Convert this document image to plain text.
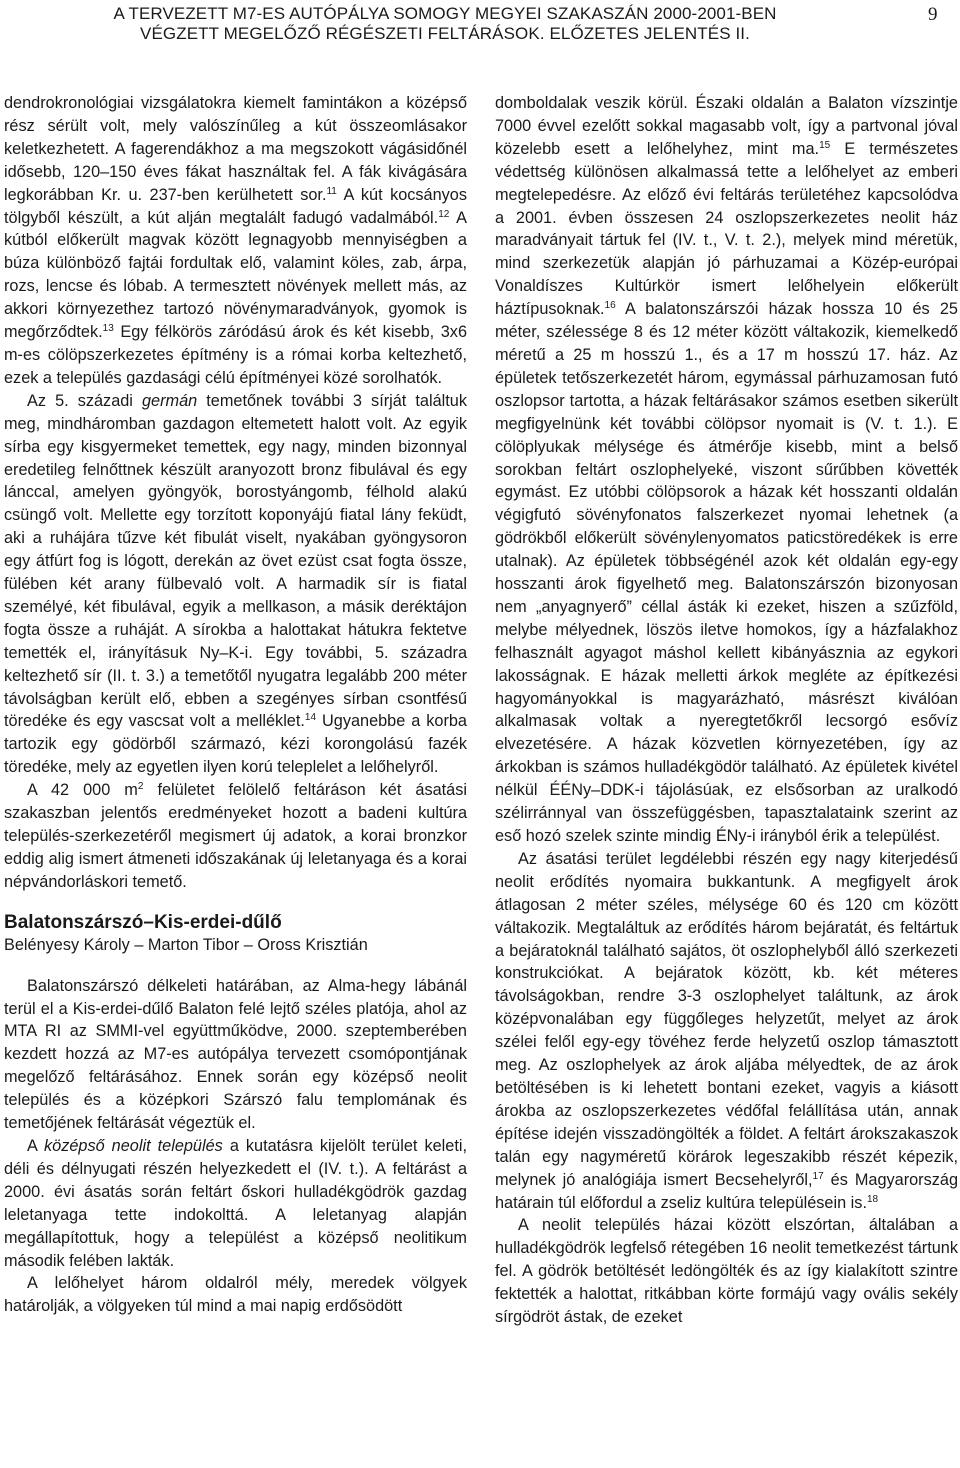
A TERVEZETT M7-ES AUTÓPÁLYA SOMOGY MEGYEI SZAKASZÁN 2000-2001-BEN
VÉGZETT MEGELŐZŐ RÉGÉSZETI FELTÁRÁSOK. ELŐZETES JELENTÉS II.
9

dendrokronológiai vizsgálatokra kiemelt famintákon a középső rész sérült volt, mely valószínűleg a kút összeomlásakor keletkezhetett. A fagerendákhoz a ma megszokott vágásidőnél idősebb, 120–150 éves fákat használtak fel. A fák kivágására legkorábban Kr. u. 237-ben kerülhetett sor.$^{11}$ A kút kocsányos tölgyből készült, a kút alján megtalált fadugó vadalmából.$^{12}$ A kútból előkerült magvak között legnagyobb mennyiségben a búza különböző fajtái fordultak elő, valamint köles, zab, árpa, rozs, lencse és lóbab. A termesztett növények mellett más, az akkori környezethez tartozó növénymaradványok, gyomok is megőrződtek.$^{13}$ Egy félkörös záródású árok és két kisebb, 3x6 m-es cölöpszerkezetes építmény is a római korba keltezhető, ezek a település gazdasági célú építményei közé sorolhatók.

Az 5. századi germán temetőnek további 3 sírját találtuk meg, mindháromban gazdagon eltemetett halott volt. Az egyik sírba egy kisgyermeket temettek, egy nagy, minden bizonnyal eredetileg felnőttnek készült aranyozott bronz fibulával és egy lánccal, amelyen gyöngyök, borostyángomb, félhold alakú csüngő volt. Mellette egy torzított koponyájú fiatal lány feküdt, aki a ruhájára tűzve két fibulát viselt, nyakában gyöngysoron egy átfúrt fog is lógott, derekán az övet ezüst csat fogta össze, fülében két arany fülbevaló volt. A harmadik sír is fiatal személyé, két fibulával, egyik a mellkason, a másik deréktájon fogta össze a ruháját. A sírokba a halottakat hátukra fektetve temették el, irányításuk Ny–K-i. Egy további, 5. századra keltezhető sír (II. t. 3.) a temetőtől nyugatra legalább 200 méter távolságban került elő, ebben a szegényes sírban csontfésű töredéke és egy vascsat volt a melléklet.$^{14}$ Ugyanebbe a korba tartozik egy gödörből származó, kézi korongolású fazék töredéke, mely az egyetlen ilyen korú teleplelet a lelőhelyről.

A 42 000 $m^2$ felületet felölelő feltáráson két ásatási szakaszban jelentős eredményeket hozott a badeni kultúra település-szerkezetéről megismert új adatok, a korai bronzkor eddig alig ismert átmeneti időszakának új leletanyaga és a korai népvándorláskori temető.

Balatonszárszó–Kis-erdei-dűlő
Belényesy Károly – Marton Tibor – Oross Krisztián

Balatonszárszó délkeleti határában, az Alma-hegy lábánál terül el a Kis-erdei-dűlő Balaton felé lejtő széles platója, ahol az MTA RI az SMMI-vel együttműködve, 2000. szeptemberében kezdett hozzá az M7-es autópálya tervezett csomópontjának megelőző feltárásához. Ennek során egy középső neolit település és a középkori Szárszó falu templomának és temetőjének feltárását végeztük el.

A középső neolit település a kutatásra kijelölt terület keleti, déli és délnyugati részén helyezkedett el (IV. t.). A feltárást a 2000. évi ásatás során feltárt őskori hulladékgödrök gazdag leletanyaga tette indokolttá. A leletanyag alapján megállapítottuk, hogy a települést a középső neolitikum második felében lakták.

A lelőhelyet három oldalról mély, meredek völgyek határolják, a völgyeken túl mind a mai napig erdősödött

domboldalak veszik körül. Északi oldalán a Balaton vízszintje 7000 évvel ezelőtt sokkal magasabb volt, így a partvonal jóval közelebb esett a lelőhelyhez, mint ma.$^{15}$ E természetes védettség különösen alkalmassá tette a lelőhelyet az emberi megtelepedésre. Az előző évi feltárás területéhez kapcsolódva a 2001. évben összesen 24 oszlopszerkezetes neolit ház maradványait tártuk fel (IV. t., V. t. 2.), melyek mind méretük, mind szerkezetük alapján jó párhuzamai a Közép-európai Vonaldíszes Kultúrkör ismert lelőhelyein előkerült háztípusoknak.$^{16}$ A balatonszárszói házak hossza 10 és 25 méter, szélessége 8 és 12 méter között váltakozik, kiemelkedő méretű a 25 m hosszú 1., és a 17 m hosszú 17. ház. Az épületek tetőszerkezetét három, egymással párhuzamosan futó oszlopsor tartotta, a házak feltárásakor számos esetben sikerült megfigyelnünk két további cölöpsor nyomait is (V. t. 1.). E cölöplyukak mélysége és átmérője kisebb, mint a belső sorokban feltárt oszlophelyeké, viszont sűrűbben követték egymást. Ez utóbbi cölöpsorok a házak két hosszanti oldalán végigfutó sövényfonatos falszerkezet nyomai lehetnek (a gödrökből előkerült sövénylenyomatos paticstöredékek is erre utalnak). Az épületek többségénél azok két oldalán egy-egy hosszanti árok figyelhető meg. Balatonszárszón bizonyosan nem „anyagnyerő” céllal ásták ki ezeket, hiszen a szűzföld, melybe mélyednek, löszös iletve homokos, így a házfalakhoz felhasznált agyagot máshol kellett kibányásznia az egykori lakosságnak. E házak melletti árkok megléte az építkezési hagyományokkal is magyarázható, másrészt kiválóan alkalmasak voltak a nyeregtetőkről lecsorgó esővíz elvezetésére. A házak közvetlen környezetében, így az árkokban is számos hulladékgödör található. Az épületek kivétel nélkül ÉÉNy–DDK-i tájolásúak, ez elsősorban az uralkodó szélirránnyal van összefüggésben, tapasztalataink szerint az eső hozó szelek szinte mindig ÉNy-i irányból érik a települést.

Az ásatási terület legdélebbi részén egy nagy kiterjedésű neolit erődítés nyomaira bukkantunk. A megfigyelt árok átlagosan 2 méter széles, mélysége 60 és 120 cm között váltakozik. Megtaláltuk az erődítés három bejáratát, és feltártuk a bejáratoknál található sajátos, öt oszlophelyből álló szerkezeti konstrukciókat. A bejáratok között, kb. két méteres távolságokban, rendre 3-3 oszlophelyet találtunk, az árok középvonalában egy függőleges helyzetűt, melyet az árok szélei felől egy-egy tövéhez ferde helyzetű oszlop támasztott meg. Az oszlophelyek az árok aljába mélyedtek, de az árok betöltésében is ki lehetett bontani ezeket, vagyis a kiásott árokba az oszlopszerkezetes védőfal felállítása után, annak építése idején visszadöngölték a földet. A feltárt árokszakaszok talán egy nagyméretű körárok legeszakibb részét képezik, melynek jó analógiája ismert Becsehelyről,$^{17}$ és Magyarország határain túl előfordul a zseliz kultúra településein is.$^{18}$

A neolit település házai között elszórtan, általában a hulladékgödrök legfelső rétegében 16 neolit temetkezést tártunk fel. A gödrök betöltését ledöngölték és az így kialakított szintre fektették a halottat, ritkábban körte formájú vagy ovális sekély sírgödröt ástak, de ezeket
